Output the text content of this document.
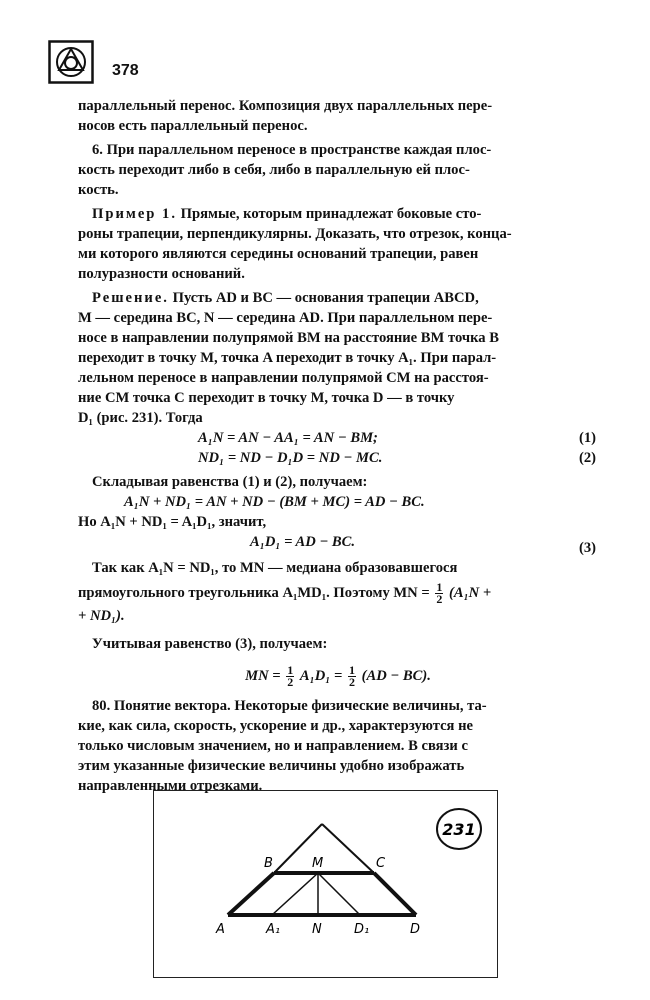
378

параллельный перенос. Композиция двух параллельных пере-

носов есть параллельный перенос.

6. При параллельном переносе в пространстве каждая плос-

кость переходит либо в себя, либо в параллельную ей плос-

кость.

Пример 1. Прямые, которым принадлежат боковые сто-

роны трапеции, перпендикулярны. Доказать, что отрезок, конца-

ми которого являются середины оснований трапеции, равен

полуразности оснований.

Решение. Пусть AD и BC — основания трапеции ABCD,

M — середина BC, N — середина AD. При параллельном пере-

носе в направлении полупрямой BM на расстояние BM точка B

переходит в точку M, точка A переходит в точку A₁. При парал-

лельном переносе в направлении полупрямой CM на расстоя-

ние CM точка C переходит в точку M, точка D — в точку

D₁ (рис. 231). Тогда

A₁N = AN − AA₁ = AN − BM;	(1)
ND₁ = ND − D₁D = ND − MC.	(2)

Складывая равенства (1) и (2), получаем:

A₁N + ND₁ = AN + ND − (BM + MC) = AD − BC.

Но A₁N + ND₁ = A₁D₁, значит,

A₁D₁ = AD − BC.	(3)

Так как A₁N = ND₁, то MN — медиана образовавшегося

прямоугольного треугольника A₁MD₁. Поэтому MN = $\frac{1}{2} (A_1N$ +

+ ND₁).

Учитывая равенство (3), получаем:

MN = $\frac{1}{2} A_1D_1 = \frac{1}{2} (AD - BC)$.

80. Понятие вектора. Некоторые физические величины, та-

кие, как сила, скорость, ускорение и др., характерзуются не

только числовым значением, но и направлением. В связи с

этим указанные физические величины удобно изображать

направленными отрезками.

231
B	M	C
A	A₁ N D₁	D
